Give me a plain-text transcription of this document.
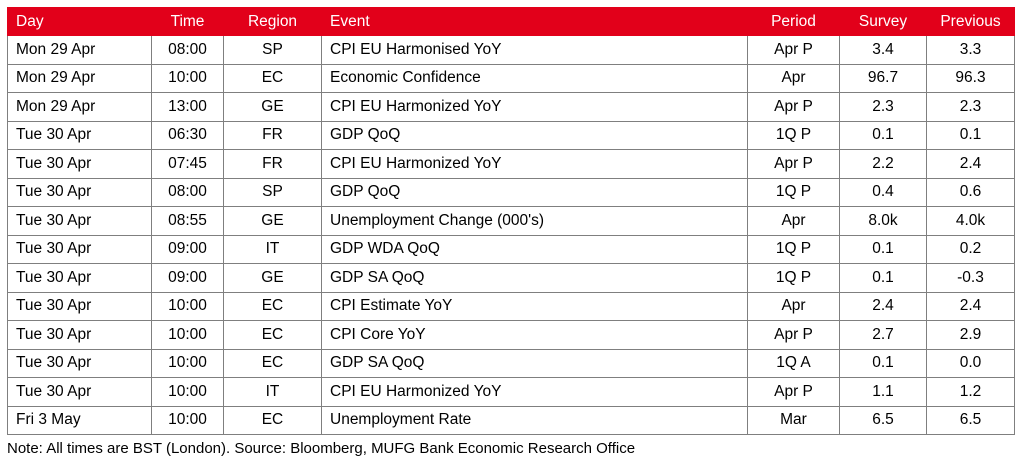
Day	Time	Region	Event	Period	Survey	Previous
Mon 29 Apr	08:00	SP	CPI EU Harmonised YoY	Apr P	3.4	3.3
Mon 29 Apr	10:00	EC	Economic Confidence	Apr	96.7	96.3
Mon 29 Apr	13:00	GE	CPI EU Harmonized YoY	Apr P	2.3	2.3
Tue 30 Apr	06:30	FR	GDP QoQ	1Q P	0.1	0.1
Tue 30 Apr	07:45	FR	CPI EU Harmonized YoY	Apr P	2.2	2.4
Tue 30 Apr	08:00	SP	GDP QoQ	1Q P	0.4	0.6
Tue 30 Apr	08:55	GE	Unemployment Change (000's)	Apr	8.0k	4.0k
Tue 30 Apr	09:00	IT	GDP WDA QoQ	1Q P	0.1	0.2
Tue 30 Apr	09:00	GE	GDP SA QoQ	1Q P	0.1	-0.3
Tue 30 Apr	10:00	EC	CPI Estimate YoY	Apr	2.4	2.4
Tue 30 Apr	10:00	EC	CPI Core YoY	Apr P	2.7	2.9
Tue 30 Apr	10:00	EC	GDP SA QoQ	1Q A	0.1	0.0
Tue 30 Apr	10:00	IT	CPI EU Harmonized YoY	Apr P	1.1	1.2
Fri 3 May	10:00	EC	Unemployment Rate	Mar	6.5	6.5
Note: All times are BST (London). Source: Bloomberg, MUFG Bank Economic Research Office
